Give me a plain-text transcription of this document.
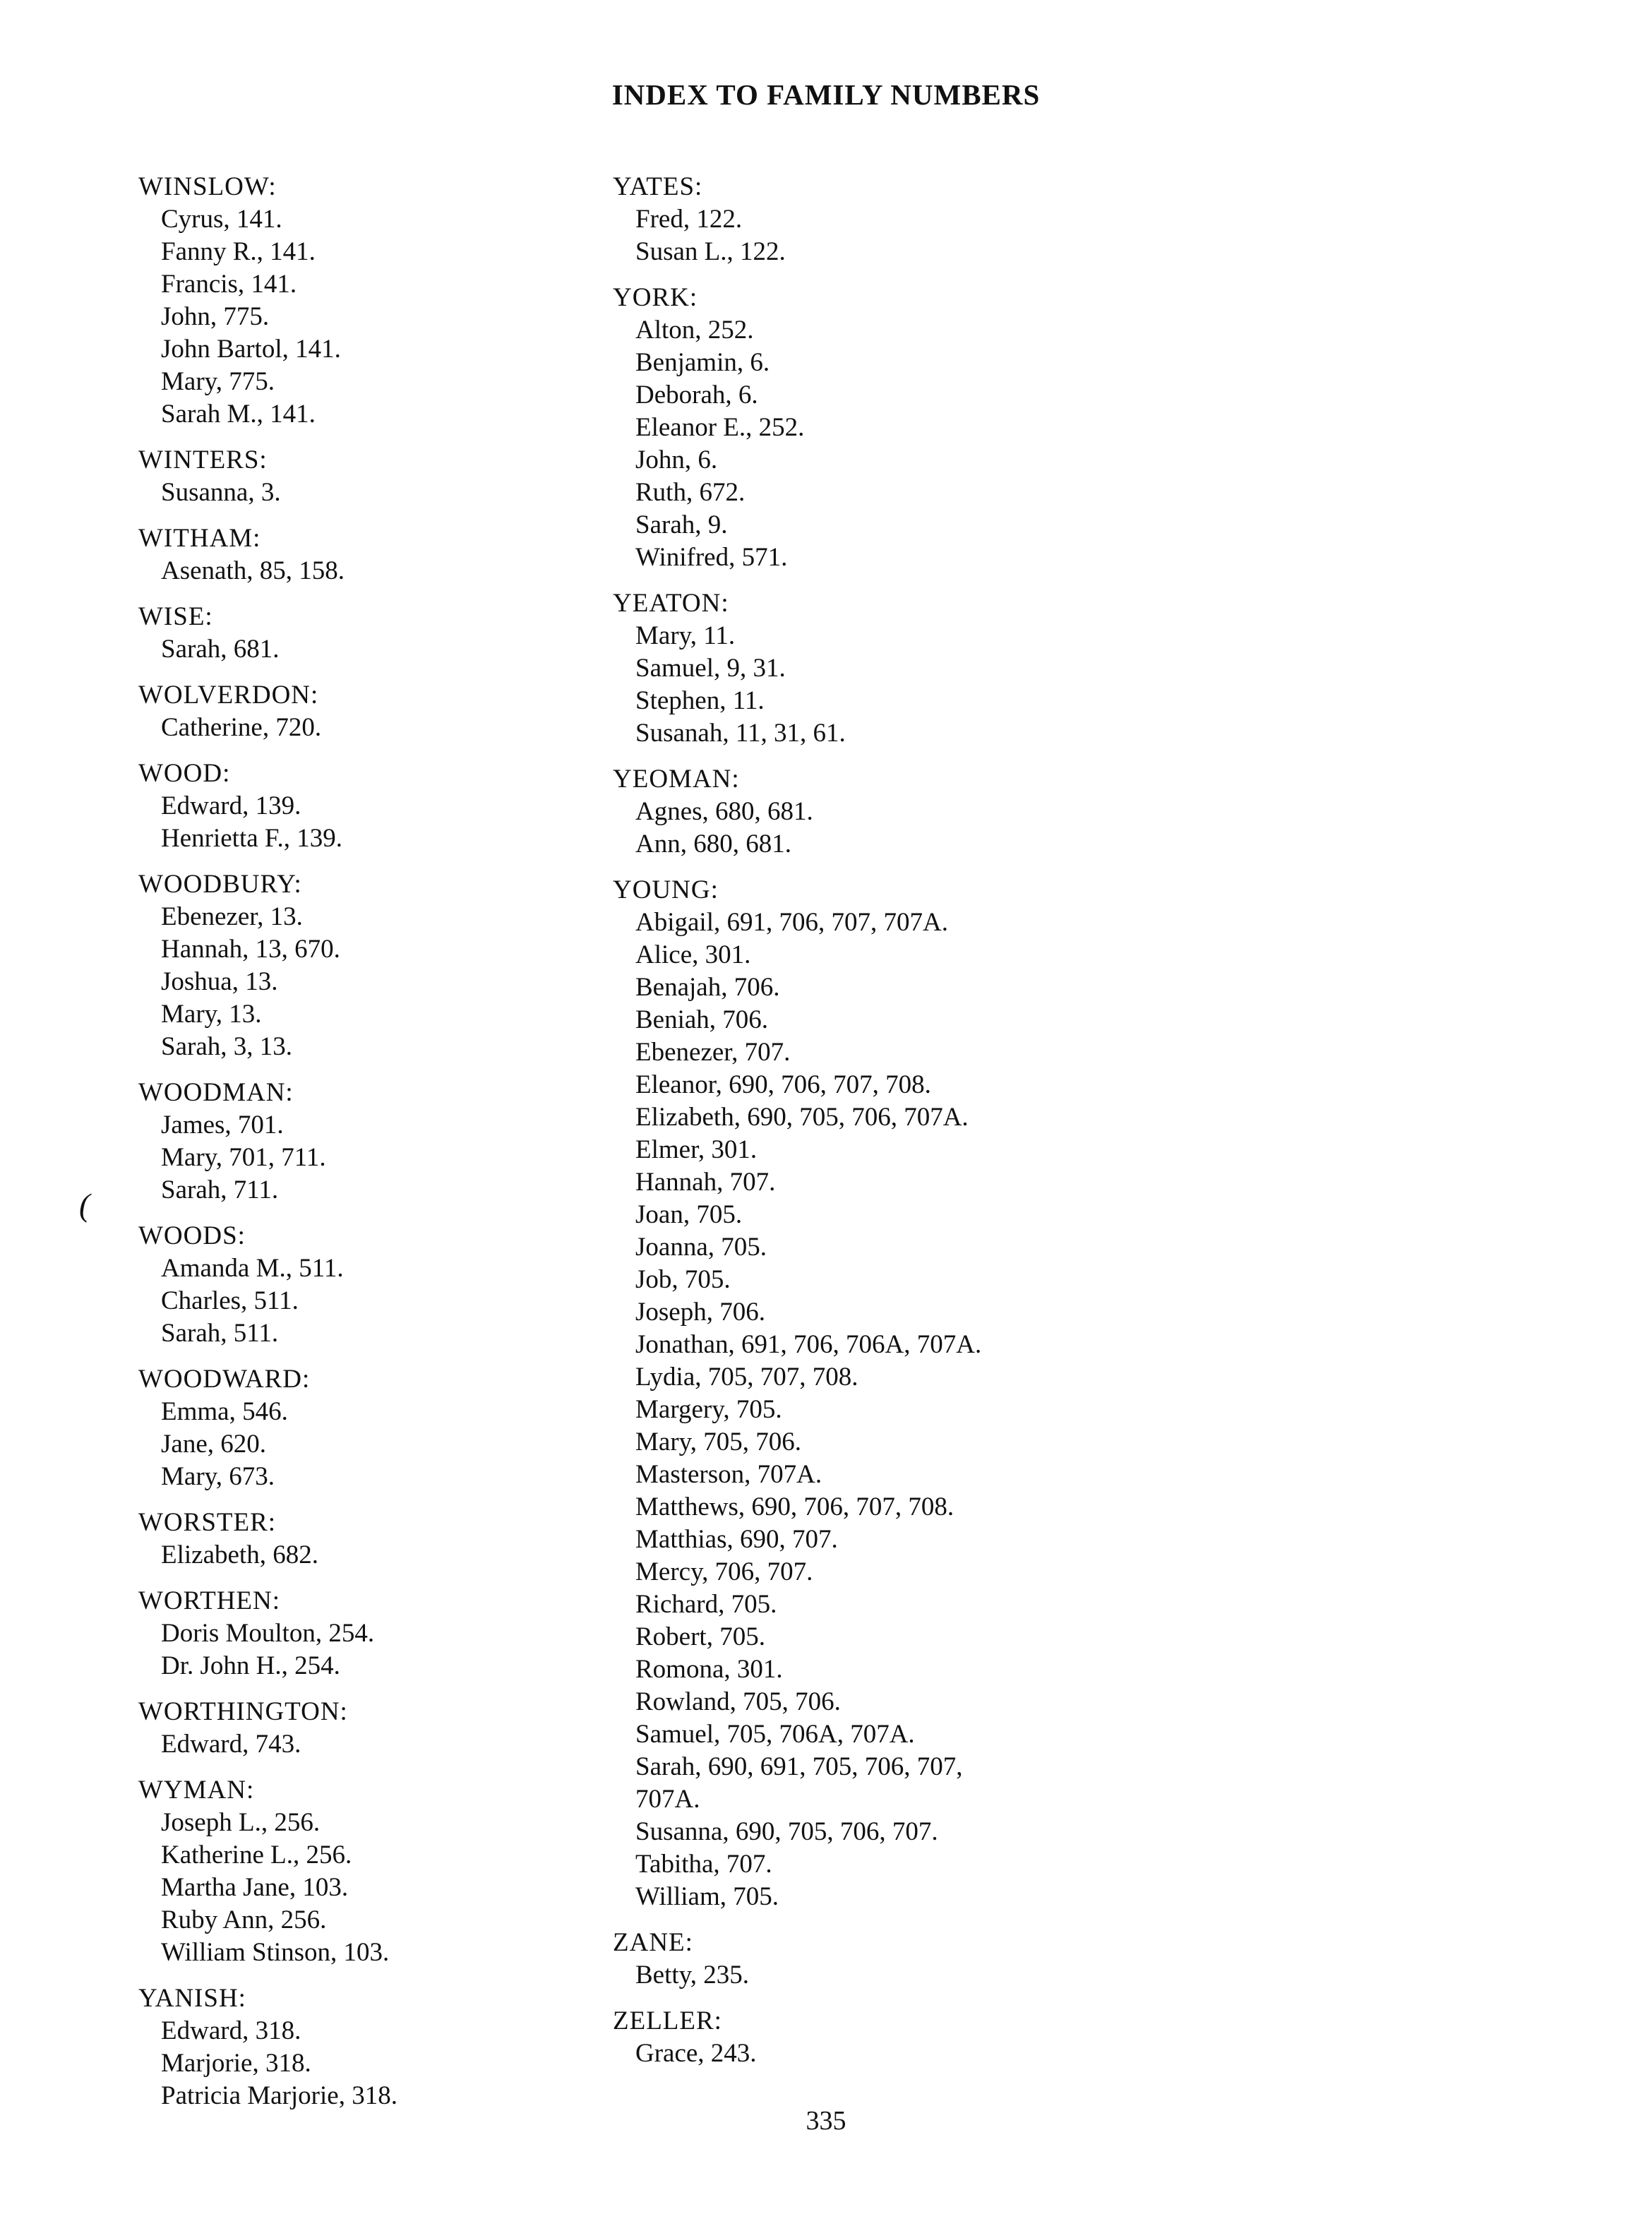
INDEX TO FAMILY NUMBERS
(
WINSLOW:
Cyrus, 141.
Fanny R., 141.
Francis, 141.
John, 775.
John Bartol, 141.
Mary, 775.
Sarah M., 141.
WINTERS:
Susanna, 3.
WITHAM:
Asenath, 85, 158.
WISE:
Sarah, 681.
WOLVERDON:
Catherine, 720.
WOOD:
Edward, 139.
Henrietta F., 139.
WOODBURY:
Ebenezer, 13.
Hannah, 13, 670.
Joshua, 13.
Mary, 13.
Sarah, 3, 13.
WOODMAN:
James, 701.
Mary, 701, 711.
Sarah, 711.
WOODS:
Amanda M., 511.
Charles, 511.
Sarah, 511.
WOODWARD:
Emma, 546.
Jane, 620.
Mary, 673.
WORSTER:
Elizabeth, 682.
WORTHEN:
Doris Moulton, 254.
Dr. John H., 254.
WORTHINGTON:
Edward, 743.
WYMAN:
Joseph L., 256.
Katherine L., 256.
Martha Jane, 103.
Ruby Ann, 256.
William Stinson, 103.
YANISH:
Edward, 318.
Marjorie, 318.
Patricia Marjorie, 318.
YATES:
Fred, 122.
Susan L., 122.
YORK:
Alton, 252.
Benjamin, 6.
Deborah, 6.
Eleanor E., 252.
John, 6.
Ruth, 672.
Sarah, 9.
Winifred, 571.
YEATON:
Mary, 11.
Samuel, 9, 31.
Stephen, 11.
Susanah, 11, 31, 61.
YEOMAN:
Agnes, 680, 681.
Ann, 680, 681.
YOUNG:
Abigail, 691, 706, 707, 707A.
Alice, 301.
Benajah, 706.
Beniah, 706.
Ebenezer, 707.
Eleanor, 690, 706, 707, 708.
Elizabeth, 690, 705, 706, 707A.
Elmer, 301.
Hannah, 707.
Joan, 705.
Joanna, 705.
Job, 705.
Joseph, 706.
Jonathan, 691, 706, 706A, 707A.
Lydia, 705, 707, 708.
Margery, 705.
Mary, 705, 706.
Masterson, 707A.
Matthews, 690, 706, 707, 708.
Matthias, 690, 707.
Mercy, 706, 707.
Richard, 705.
Robert, 705.
Romona, 301.
Rowland, 705, 706.
Samuel, 705, 706A, 707A.
Sarah, 690, 691, 705, 706, 707,
707A.
Susanna, 690, 705, 706, 707.
Tabitha, 707.
William, 705.
ZANE:
Betty, 235.
ZELLER:
Grace, 243.
335
